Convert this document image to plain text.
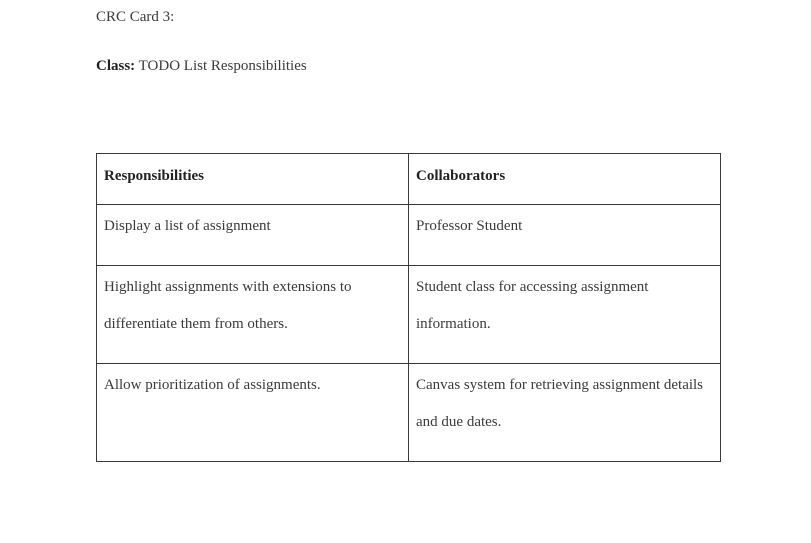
CRC Card 3:
Class: TODO List Responsibilities
Responsibilities	Collaborators

Display a list of assignment	Professor Student

Highlight assignments with extensions to differentiate them from others.	Student class for accessing assignment information.

Allow prioritization of assignments.	Canvas system for retrieving assignment details and due dates.
